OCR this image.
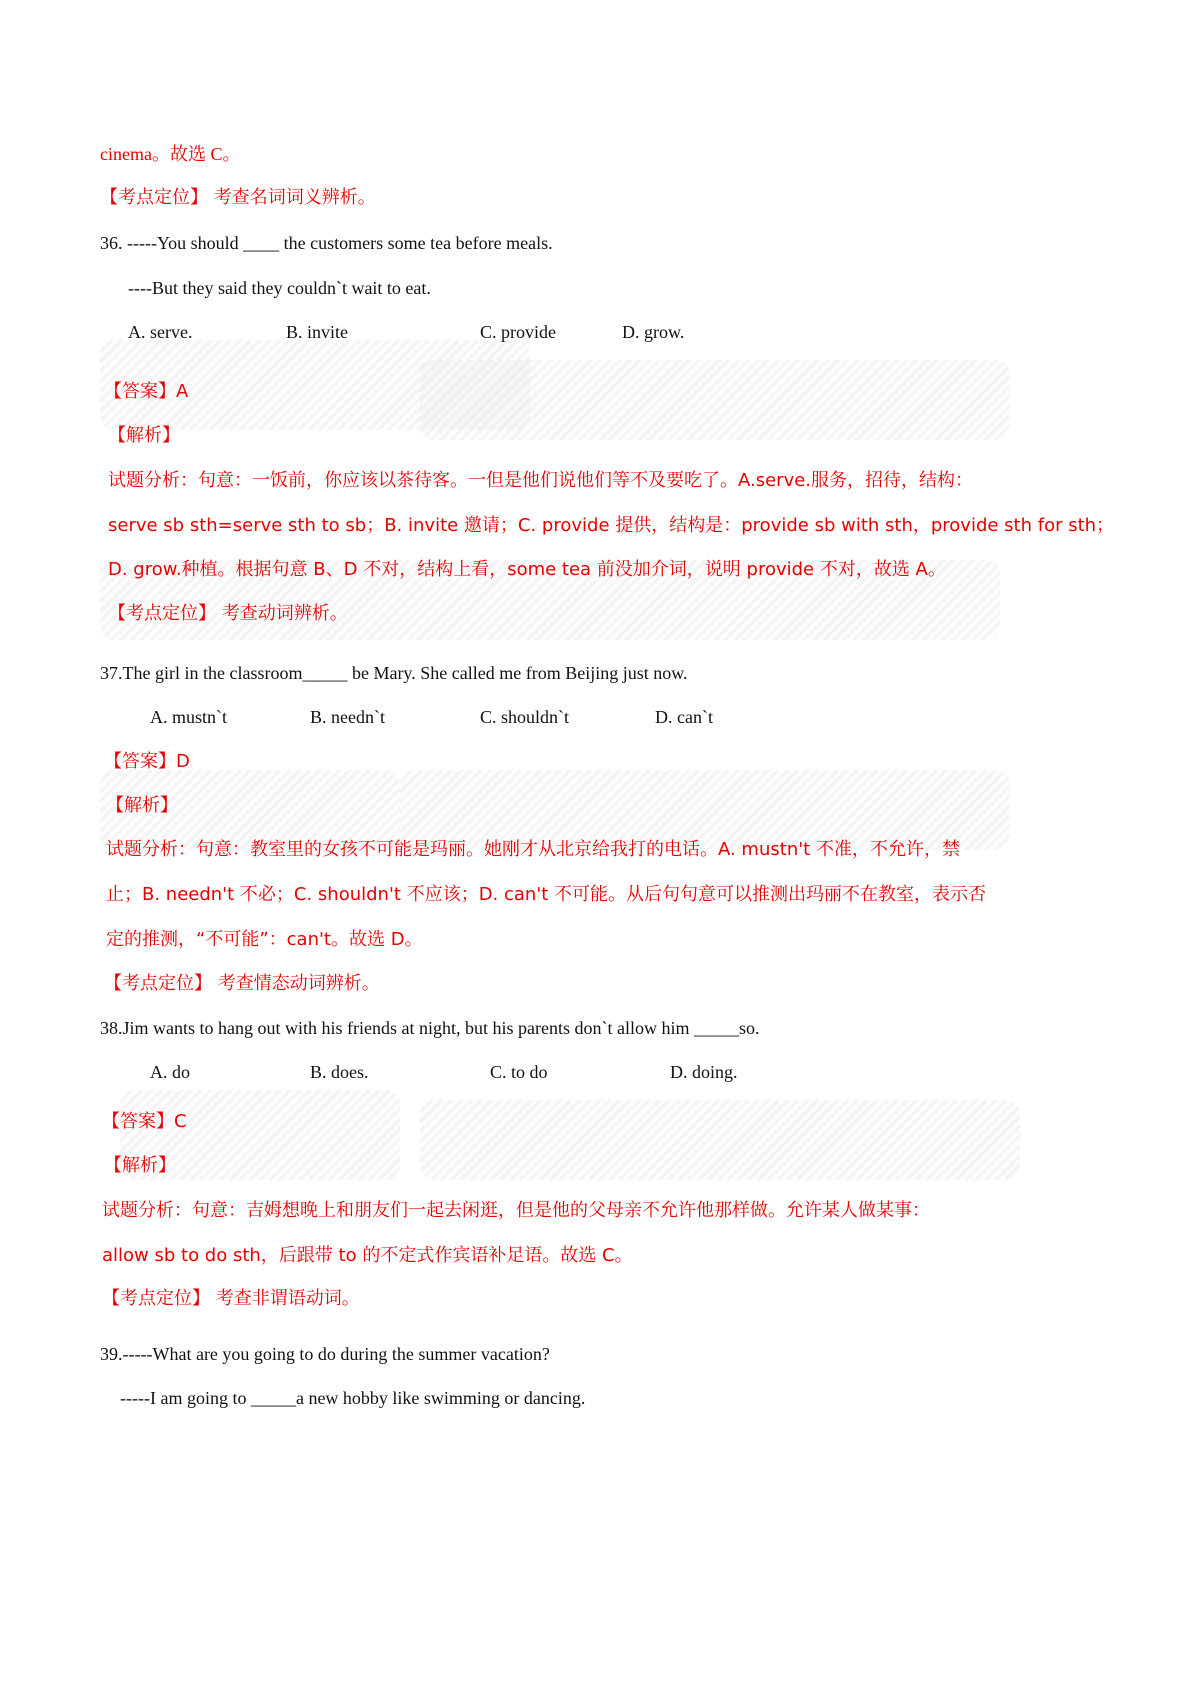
cinema。故选 C。
【考点定位】 考查名词词义辨析。
36. -----You should ____ the customers some tea before meals.
----But they said they couldn`t wait to eat.
A. serve.	B. invite	C. provide	D. grow.
【答案】A
【解析】
试题分析：句意：一饭前，你应该以茶待客。一但是他们说他们等不及要吃了。A.serve.服务，招待，结构：
serve sb sth=serve sth to sb；B. invite 邀请；C. provide 提供，结构是：provide sb with sth，provide sth for sth；
D. grow.种植。根据句意 B、D 不对，结构上看，some tea 前没加介词，说明 provide 不对，故选 A。
【考点定位】 考查动词辨析。
37.The girl in the classroom_____ be Mary. She called me from Beijing just now.
A. mustn`t	B. needn`t	C. shouldn`t	D. can`t
【答案】D
【解析】
试题分析：句意：教室里的女孩不可能是玛丽。她刚才从北京给我打的电话。A. mustn't 不准，不允许，禁
止；B. needn't 不必；C. shouldn't 不应该；D. can't 不可能。从后句句意可以推测出玛丽不在教室，表示否
定的推测，“不可能”：can't。故选 D。
【考点定位】 考查情态动词辨析。
38.Jim wants to hang out with his friends at night, but his parents don`t allow him _____so.
A. do	B. does.	C. to do	D. doing.
【答案】C
【解析】
试题分析：句意：吉姆想晚上和朋友们一起去闲逛，但是他的父母亲不允许他那样做。允许某人做某事：
allow sb to do sth，后跟带 to 的不定式作宾语补足语。故选 C。
【考点定位】 考查非谓语动词。
39.-----What are you going to do during the summer vacation?
-----I am going to _____a new hobby like swimming or dancing.
